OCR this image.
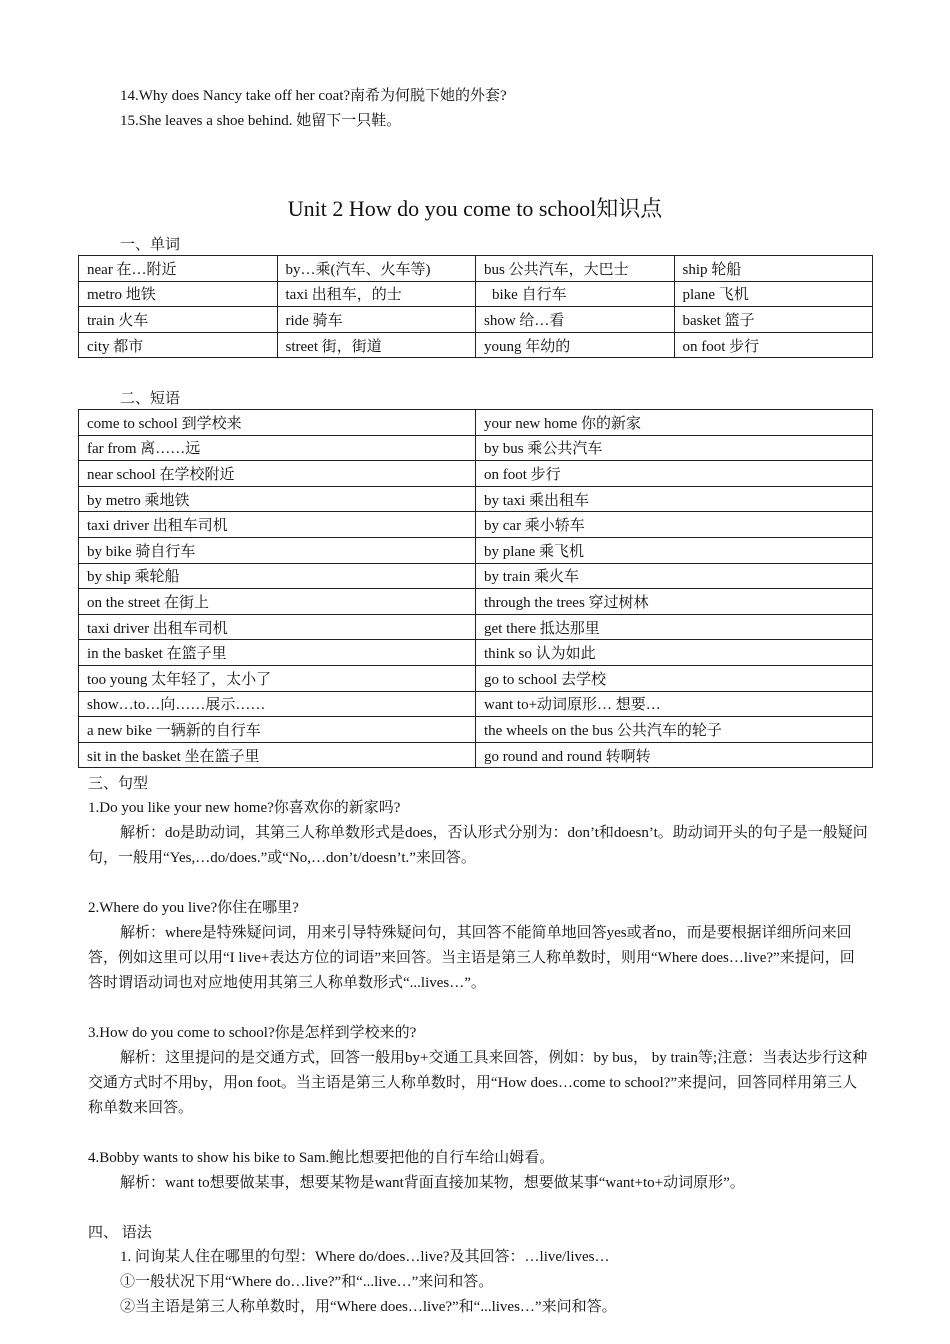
14.Why does Nancy take off her coat?南希为何脱下她的外套?
15.She leaves a shoe behind. 她留下一只鞋。
Unit 2 How do you come to school知识点
一、单词
near 在…附近	by…乘(汽车、火车等)	bus 公共汽车，大巴士	ship 轮船
metro 地铁	taxi 出租车，的士	bike 自行车	plane 飞机
train 火车	ride 骑车	show 给…看	basket 篮子
city 都市	street 街，街道	young 年幼的	on foot 步行
二、短语
come to school 到学校来	your new home 你的新家
far from 离……远	by bus 乘公共汽车
near school 在学校附近	on foot 步行
by metro 乘地铁	by taxi 乘出租车
taxi driver 出租车司机	by car 乘小轿车
by bike 骑自行车	by plane 乘飞机
by ship 乘轮船	by train 乘火车
on the street 在街上	through the trees 穿过树林
taxi driver 出租车司机	get there 抵达那里
in the basket 在篮子里	think so 认为如此
too young 太年轻了，太小了	go to school 去学校
show…to…向……展示……	want to+动词原形… 想要…
a new bike 一辆新的自行车	the wheels on the bus 公共汽车的轮子
sit in the basket 坐在篮子里	go round and round 转啊转
三、句型
1.Do you like your new home?你喜欢你的新家吗?
解析：do是助动词，其第三人称单数形式是does，否认形式分别为：don’t和doesn’t。助动词开头的句子是一般疑问句，一般用“Yes,…do/does.”或“No,…don’t/doesn’t.”来回答。
2.Where do you live?你住在哪里?
解析：where是特殊疑问词，用来引导特殊疑问句，其回答不能简单地回答yes或者no，而是要根据详细所问来回答，例如这里可以用“I live+表达方位的词语”来回答。当主语是第三人称单数时，则用“Where does…live?”来提问，回答时谓语动词也对应地使用其第三人称单数形式“...lives…”。
3.How do you come to school?你是怎样到学校来的?
解析：这里提问的是交通方式，回答一般用by+交通工具来回答，例如：by bus， by train等;注意：当表达步行这种交通方式时不用by，用on foot。当主语是第三人称单数时，用“How does…come to school?”来提问，回答同样用第三人称单数来回答。
4.Bobby wants to show his bike to Sam.鲍比想要把他的自行车给山姆看。
解析：want to想要做某事，想要某物是want背面直接加某物，想要做某事“want+to+动词原形”。
四、 语法
1. 问询某人住在哪里的句型：Where do/does…live?及其回答：…live/lives…
①一般状况下用“Where do…live?”和“...live…”来问和答。
②当主语是第三人称单数时，用“Where does…live?”和“...lives…”来问和答。
